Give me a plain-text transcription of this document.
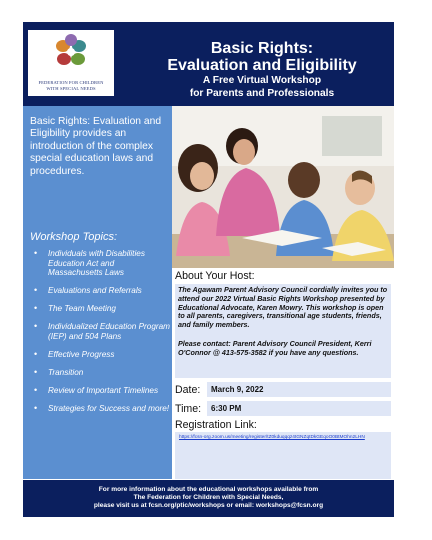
FEDERATION FOR CHILDREN
WITH SPECIAL NEEDS
Basic Rights:
Evaluation and Eligibility
A Free Virtual Workshop
for Parents and Professionals
Basic Rights: Evaluation and Eligibility provides an introduction of the complex special education laws and procedures.
Workshop Topics:
• Individuals with Disabilities Education Act and Massachusetts Laws
• Evaluations and Referrals
• The Team Meeting
• Individualized Education Program (IEP) and 504 Plans
• Effective Progress
• Transition
• Review of Important Timelines
• Strategies for Success and more!
About Your Host:

The Agawam Parent Advisory Council cordially invites you to attend our 2022 Virtual Basic Rights Workshop presented by Educational Advocate, Karen Mowry. This workshop is open to all parents, caregivers, transitional age students, friends, and family members.

Please contact: Parent Advisory Council President, Kerri O'Connor @ 413-575-3582 if you have any questions.

Date:	March 9, 2022
Time:	6:30 PM
Registration Link:
https://fcsn-org.zoom.us/meeting/register/tZ0kduqqqz4tGNZqtDkGEqoO0BtMOhn2LHN
For more information about the educational workshops available from
The Federation for Children with Special Needs,
please visit us at fcsn.org/ptic/workshops or email: workshops@fcsn.org
